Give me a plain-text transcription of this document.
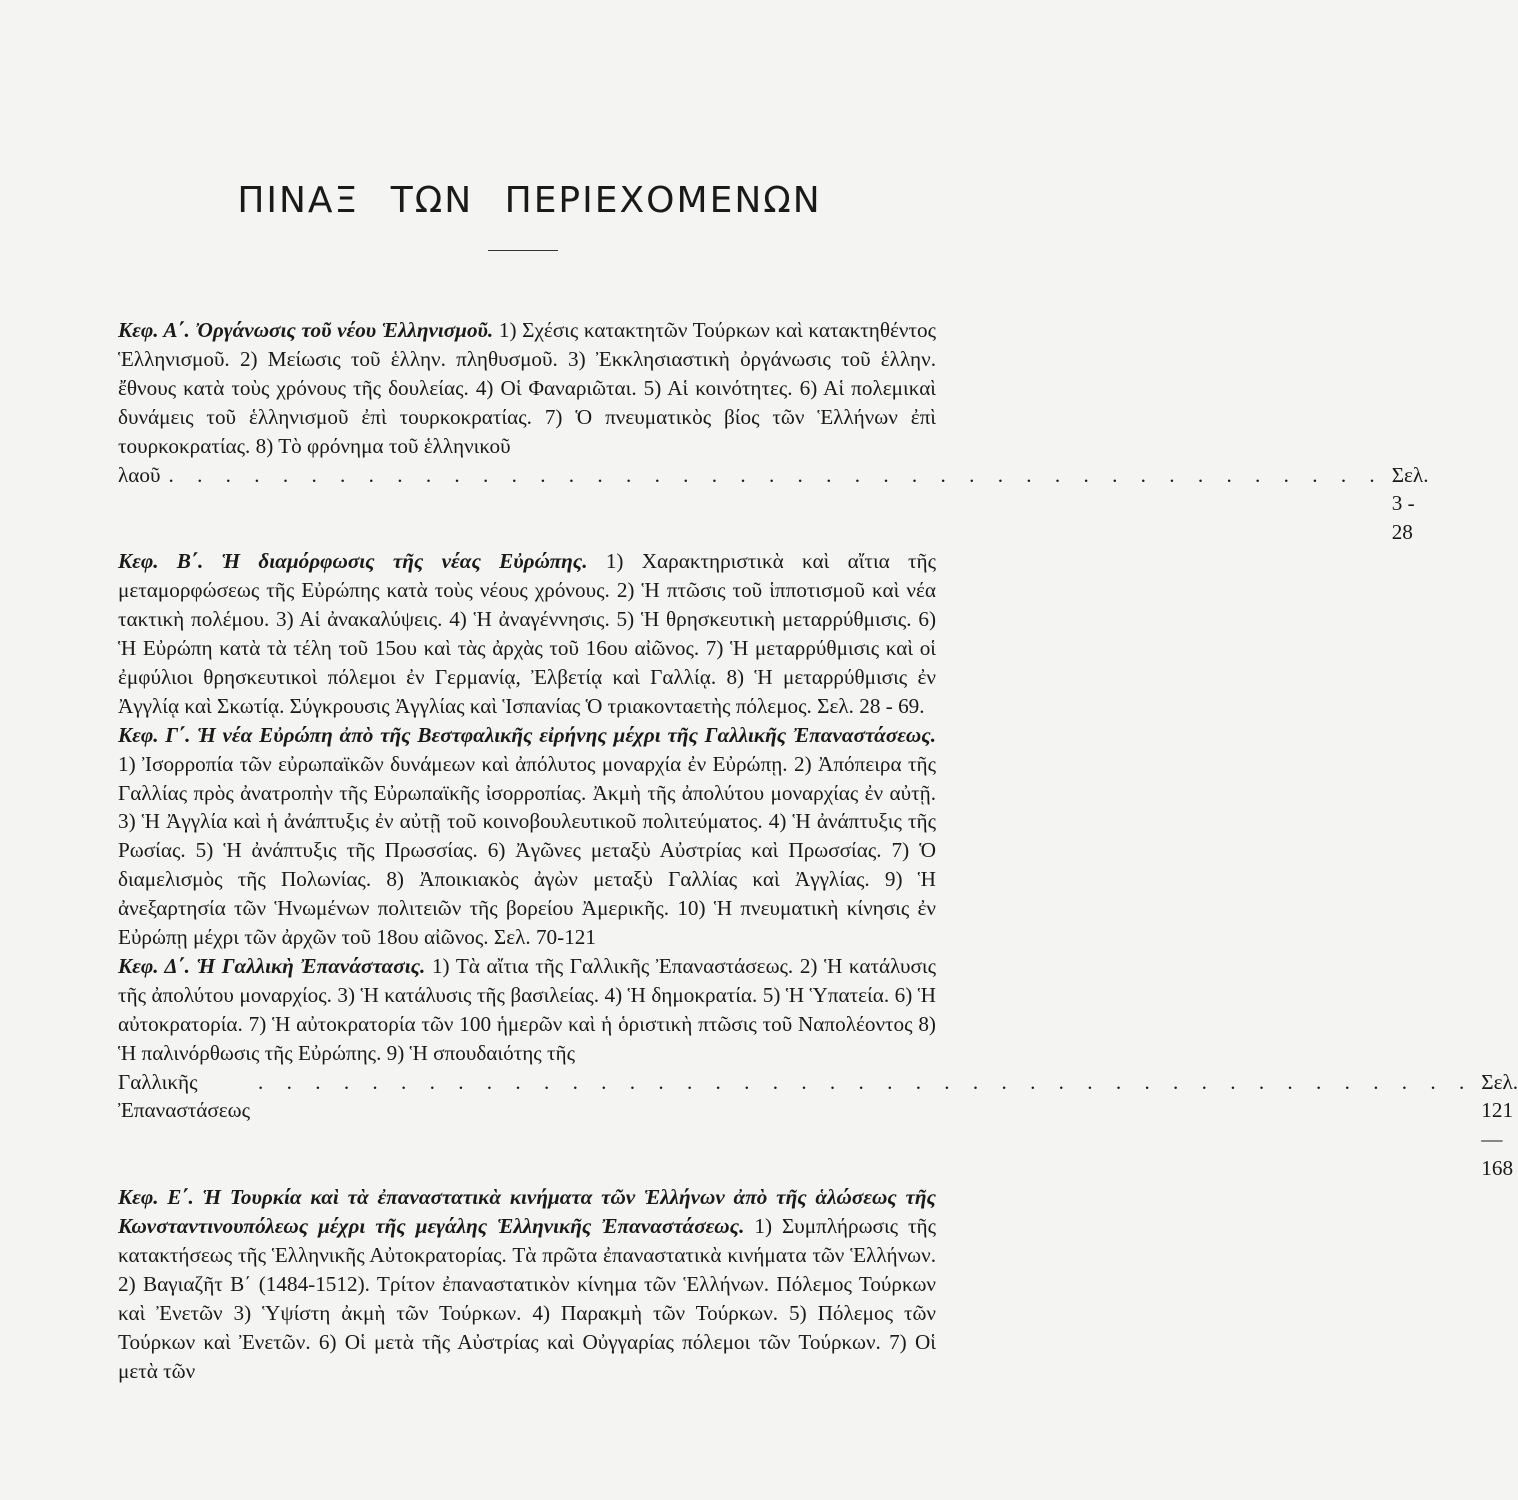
ΠΙΝΑΞ ΤΩΝ ΠΕΡΙΕΧΟΜΕΝΩΝ

Κεφ. Α΄. Ὀργάνωσις τοῦ νέου Ἑλληνισμοῦ. 1) Σχέσις κατακτητῶν Τούρκων καὶ κατακτηθέντος Ἑλληνισμοῦ. 2) Μείωσις τοῦ ἑλλην. πληθυσμοῦ. 3) Ἐκκλησιαστικὴ ὀργάνωσις τοῦ ἑλλην. ἔθνους κατὰ τοὺς χρόνους τῆς δουλείας. 4) Οἱ Φαναριῶται. 5) Αἱ κοινότητες. 6) Αἱ πολεμικαὶ δυνάμεις τοῦ ἑλληνισμοῦ ἐπὶ τουρκοκρατίας. 7) Ὁ πνευματικὸς βίος τῶν Ἑλλήνων ἐπὶ τουρκοκρατίας. 8) Τὸ φρόνημα τοῦ ἑλληνικοῦ

λαοῦ . . . . . . . . . . . . . . . . . . . . . . . . . . . . . . . . . . . . . . . . . . . Σελ. 3 - 28

Κεφ. Β΄. Ἡ διαμόρφωσις τῆς νέας Εὐρώπης. 1) Χαρακτηριστικὰ καὶ αἴτια τῆς μεταμορφώσεως τῆς Εὐρώπης κατὰ τοὺς νέους χρόνους. 2) Ἡ πτῶσις τοῦ ἱπποτισμοῦ καὶ νέα τακτικὴ πολέμου. 3) Αἱ ἀνακαλύψεις. 4) Ἡ ἀναγέννησις. 5) Ἡ θρησκευτικὴ μεταρρύθμισις. 6) Ἡ Εὐρώπη κατὰ τὰ τέλη τοῦ 15ου καὶ τὰς ἀρχὰς τοῦ 16ου αἰῶνος. 7) Ἡ μεταρρύθμισις καὶ οἱ ἐμφύλιοι θρησκευτικοὶ πόλεμοι ἐν Γερμανίᾳ, Ἐλβετίᾳ καὶ Γαλλίᾳ. 8) Ἡ μεταρρύθμισις ἐν Ἀγγλίᾳ καὶ Σκωτίᾳ. Σύγκρουσις Ἀγγλίας καὶ Ἱσπανίας Ὁ τριακονταετὴς πόλεμος. Σελ. 28 - 69.

Κεφ. Γ΄. Ἡ νέα Εὐρώπη ἀπὸ τῆς Βεστφαλικῆς εἰρήνης μέχρι τῆς Γαλλικῆς Ἐπαναστάσεως. 1) Ἰσορροπία τῶν εὐρωπαϊκῶν δυνάμεων καὶ ἀπόλυτος μοναρχία ἐν Εὐρώπῃ. 2) Ἀπόπειρα τῆς Γαλλίας πρὸς ἀνατροπὴν τῆς Εὐρωπαϊκῆς ἰσορροπίας. Ἀκμὴ τῆς ἀπολύτου μοναρχίας ἐν αὐτῇ. 3) Ἡ Ἀγγλία καὶ ἡ ἀνάπτυξις ἐν αὐτῇ τοῦ κοινοβουλευτικοῦ πολιτεύματος. 4) Ἡ ἀνάπτυξις τῆς Ρωσίας. 5) Ἡ ἀνάπτυξις τῆς Πρωσσίας. 6) Ἀγῶνες μεταξὺ Αὐστρίας καὶ Πρωσσίας. 7) Ὁ διαμελισμὸς τῆς Πολωνίας. 8) Ἀποικιακὸς ἀγὼν μεταξὺ Γαλλίας καὶ Ἀγγλίας. 9) Ἡ ἀνεξαρτησία τῶν Ἡνωμένων πολιτειῶν τῆς βορείου Ἀμερικῆς. 10) Ἡ πνευματικὴ κίνησις ἐν Εὐρώπῃ μέχρι τῶν ἀρχῶν τοῦ 18ου αἰῶνος. Σελ. 70-121

Κεφ. Δ΄. Ἡ Γαλλικὴ Ἐπανάστασις. 1) Τὰ αἴτια τῆς Γαλλικῆς Ἐπαναστάσεως. 2) Ἡ κατάλυσις τῆς ἀπολύτου μοναρχίος. 3) Ἡ κατάλυσις τῆς βασιλείας. 4) Ἡ δημοκρατία. 5) Ἡ Ὑπατεία. 6) Ἡ αὐτοκρατορία. 7) Ἡ αὐτοκρατορία τῶν 100 ἡμερῶν καὶ ἡ ὁριστικὴ πτῶσις τοῦ Ναπολέοντος 8) Ἡ παλινόρθωσις τῆς Εὐρώπης. 9) Ἡ σπουδαιότης τῆς

Γαλλικῆς Ἐπαναστάσεως
. . . . . . . . . . . . . . . . . . . . . . . . . . . . . . . . . . . . . . . . . . . Σελ. 121—168

Κεφ. Ε΄. Ἡ Τουρκία καὶ τὰ ἐπαναστατικὰ κινήματα τῶν Ἑλλήνων ἀπὸ τῆς ἁλώσεως τῆς Κωνσταντινουπόλεως μέχρι τῆς μεγάλης Ἑλληνικῆς Ἐπαναστάσεως. 1) Συμπλήρωσις τῆς κατακτήσεως τῆς Ἑλληνικῆς Αὐτοκρατορίας. Τὰ πρῶτα ἐπαναστατικὰ κινήματα τῶν Ἑλλήνων. 2) Βαγιαζῆτ Β΄ (1484-1512). Τρίτον ἐπαναστατικὸν κίνημα τῶν Ἑλλήνων. Πόλεμος Τούρκων καὶ Ἐνετῶν 3) Ὑψίστη ἀκμὴ τῶν Τούρκων. 4) Παρακμὴ τῶν Τούρκων. 5) Πόλεμος τῶν Τούρκων καὶ Ἐνετῶν. 6) Οἱ μετὰ τῆς Αὐστρίας καὶ Οὐγγαρίας πόλεμοι τῶν Τούρκων. 7) Οἱ μετὰ τῶν
